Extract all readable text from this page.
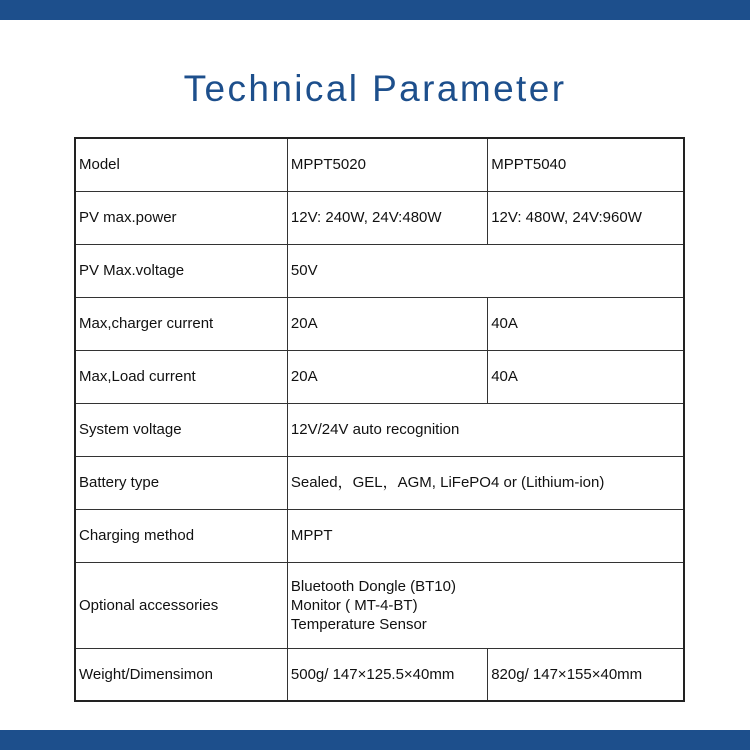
Technical Parameter
Model	MPPT5020	MPPT5040
PV max.power	12V: 240W, 24V:480W	12V: 480W, 24V:960W
PV Max.voltage	50V	
Max,charger current	20A	40A
Max,Load current	20A	40A
System voltage	12V/24V auto recognition	
Battery type	Sealed，GEL，AGM, LiFePO4 or (Lithium-ion)	
Charging method	MPPT	
Optional accessories	Bluetooth Dongle (BT10)
Monitor ( MT-4-BT)
Temperature Sensor	

Weight/Dimensimon	500g/ 147×125.5×40mm	820g/ 147×155×40mm
